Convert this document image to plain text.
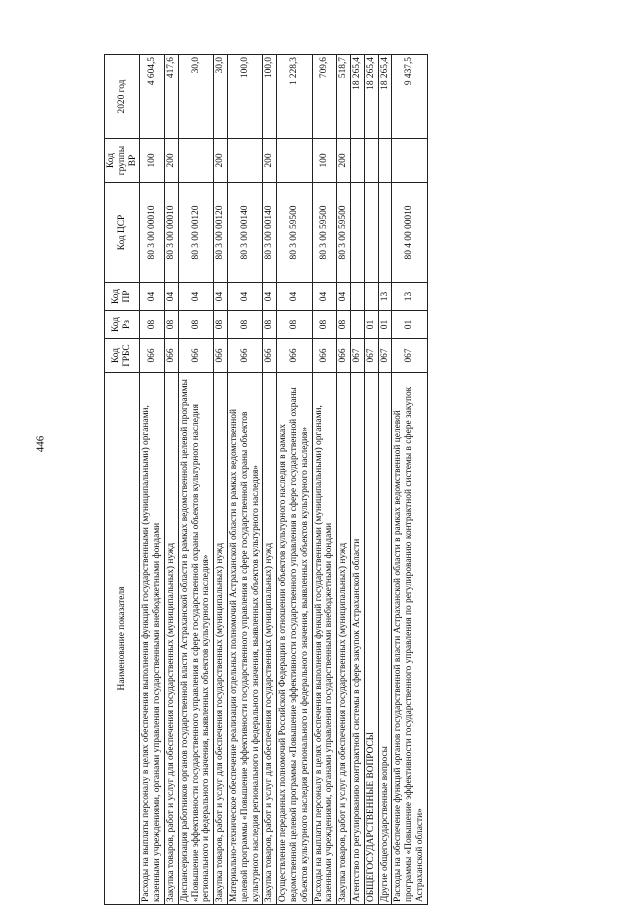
446
Наименование показателя	Код ГРБС	Код Рз	Код ПР	Код ЦСР	Код группы ВР	2020 год
Расходы на выплаты персоналу в целях обеспечения выполнения функций государственными (муниципальными) органами, казенными учреждениями, органами управления государственными внебюджетными фондами	066	08	04	80 3 00 00010	100	4 604,5
Закупка товаров, работ и услуг для обеспечения государственных (муниципальных) нужд	066	08	04	80 3 00 00010	200	417,6
Диспансеризация работников органов государственной власти Астраханской области в рамках ведомственной целевой программы «Повышение эффективности государственного управления в сфере государственной охраны объектов культурного наследия регионального и федерального значения, выявленных объектов культурного наследия»	066	08	04	80 3 00 00120		30,0
Закупка товаров, работ и услуг для обеспечения государственных (муниципальных) нужд	066	08	04	80 3 00 00120	200	30,0
Материально-техническое обеспечение реализации отдельных полномочий Астраханской области в рамках ведомственной целевой программы «Повышение эффективности государственного управления в сфере государственной охраны объектов культурного наследия регионального и федерального значения, выявленных объектов культурного наследия»	066	08	04	80 3 00 00140		100,0
Закупка товаров, работ и услуг для обеспечения государственных (муниципальных) нужд	066	08	04	80 3 00 00140	200	100,0
Осуществление переданных полномочий Российской Федерации в отношении объектов культурного наследия в рамках ведомственной целевой программы «Повышение эффективности государственного управления в сфере государственной охраны объектов культурного наследия регионального и федерального значения, выявленных объектов культурного наследия»	066	08	04	80 3 00 59500		1 228,3
Расходы на выплаты персоналу в целях обеспечения выполнения функций государственными (муниципальными) органами, казенными учреждениями, органами управления государственными внебюджетными фондами	066	08	04	80 3 00 59500	100	709,6
Закупка товаров, работ и услуг для обеспечения государственных (муниципальных) нужд	066	08	04	80 3 00 59500	200	518,7
Агентство по регулированию контрактной системы в сфере закупок Астраханской области	067					18 265,4
ОБЩЕГОСУДАРСТВЕННЫЕ ВОПРОСЫ	067	01				18 265,4
Другие общегосударственные вопросы	067	01	13			18 265,4
Расходы на обеспечение функций органов государственной власти Астраханской области в рамках ведомственной целевой программы «Повышение эффективности государственного управления по регулированию контрактной системы в сфере закупок Астраханской области»	067	01	13	80 4 00 00010		9 437,5
